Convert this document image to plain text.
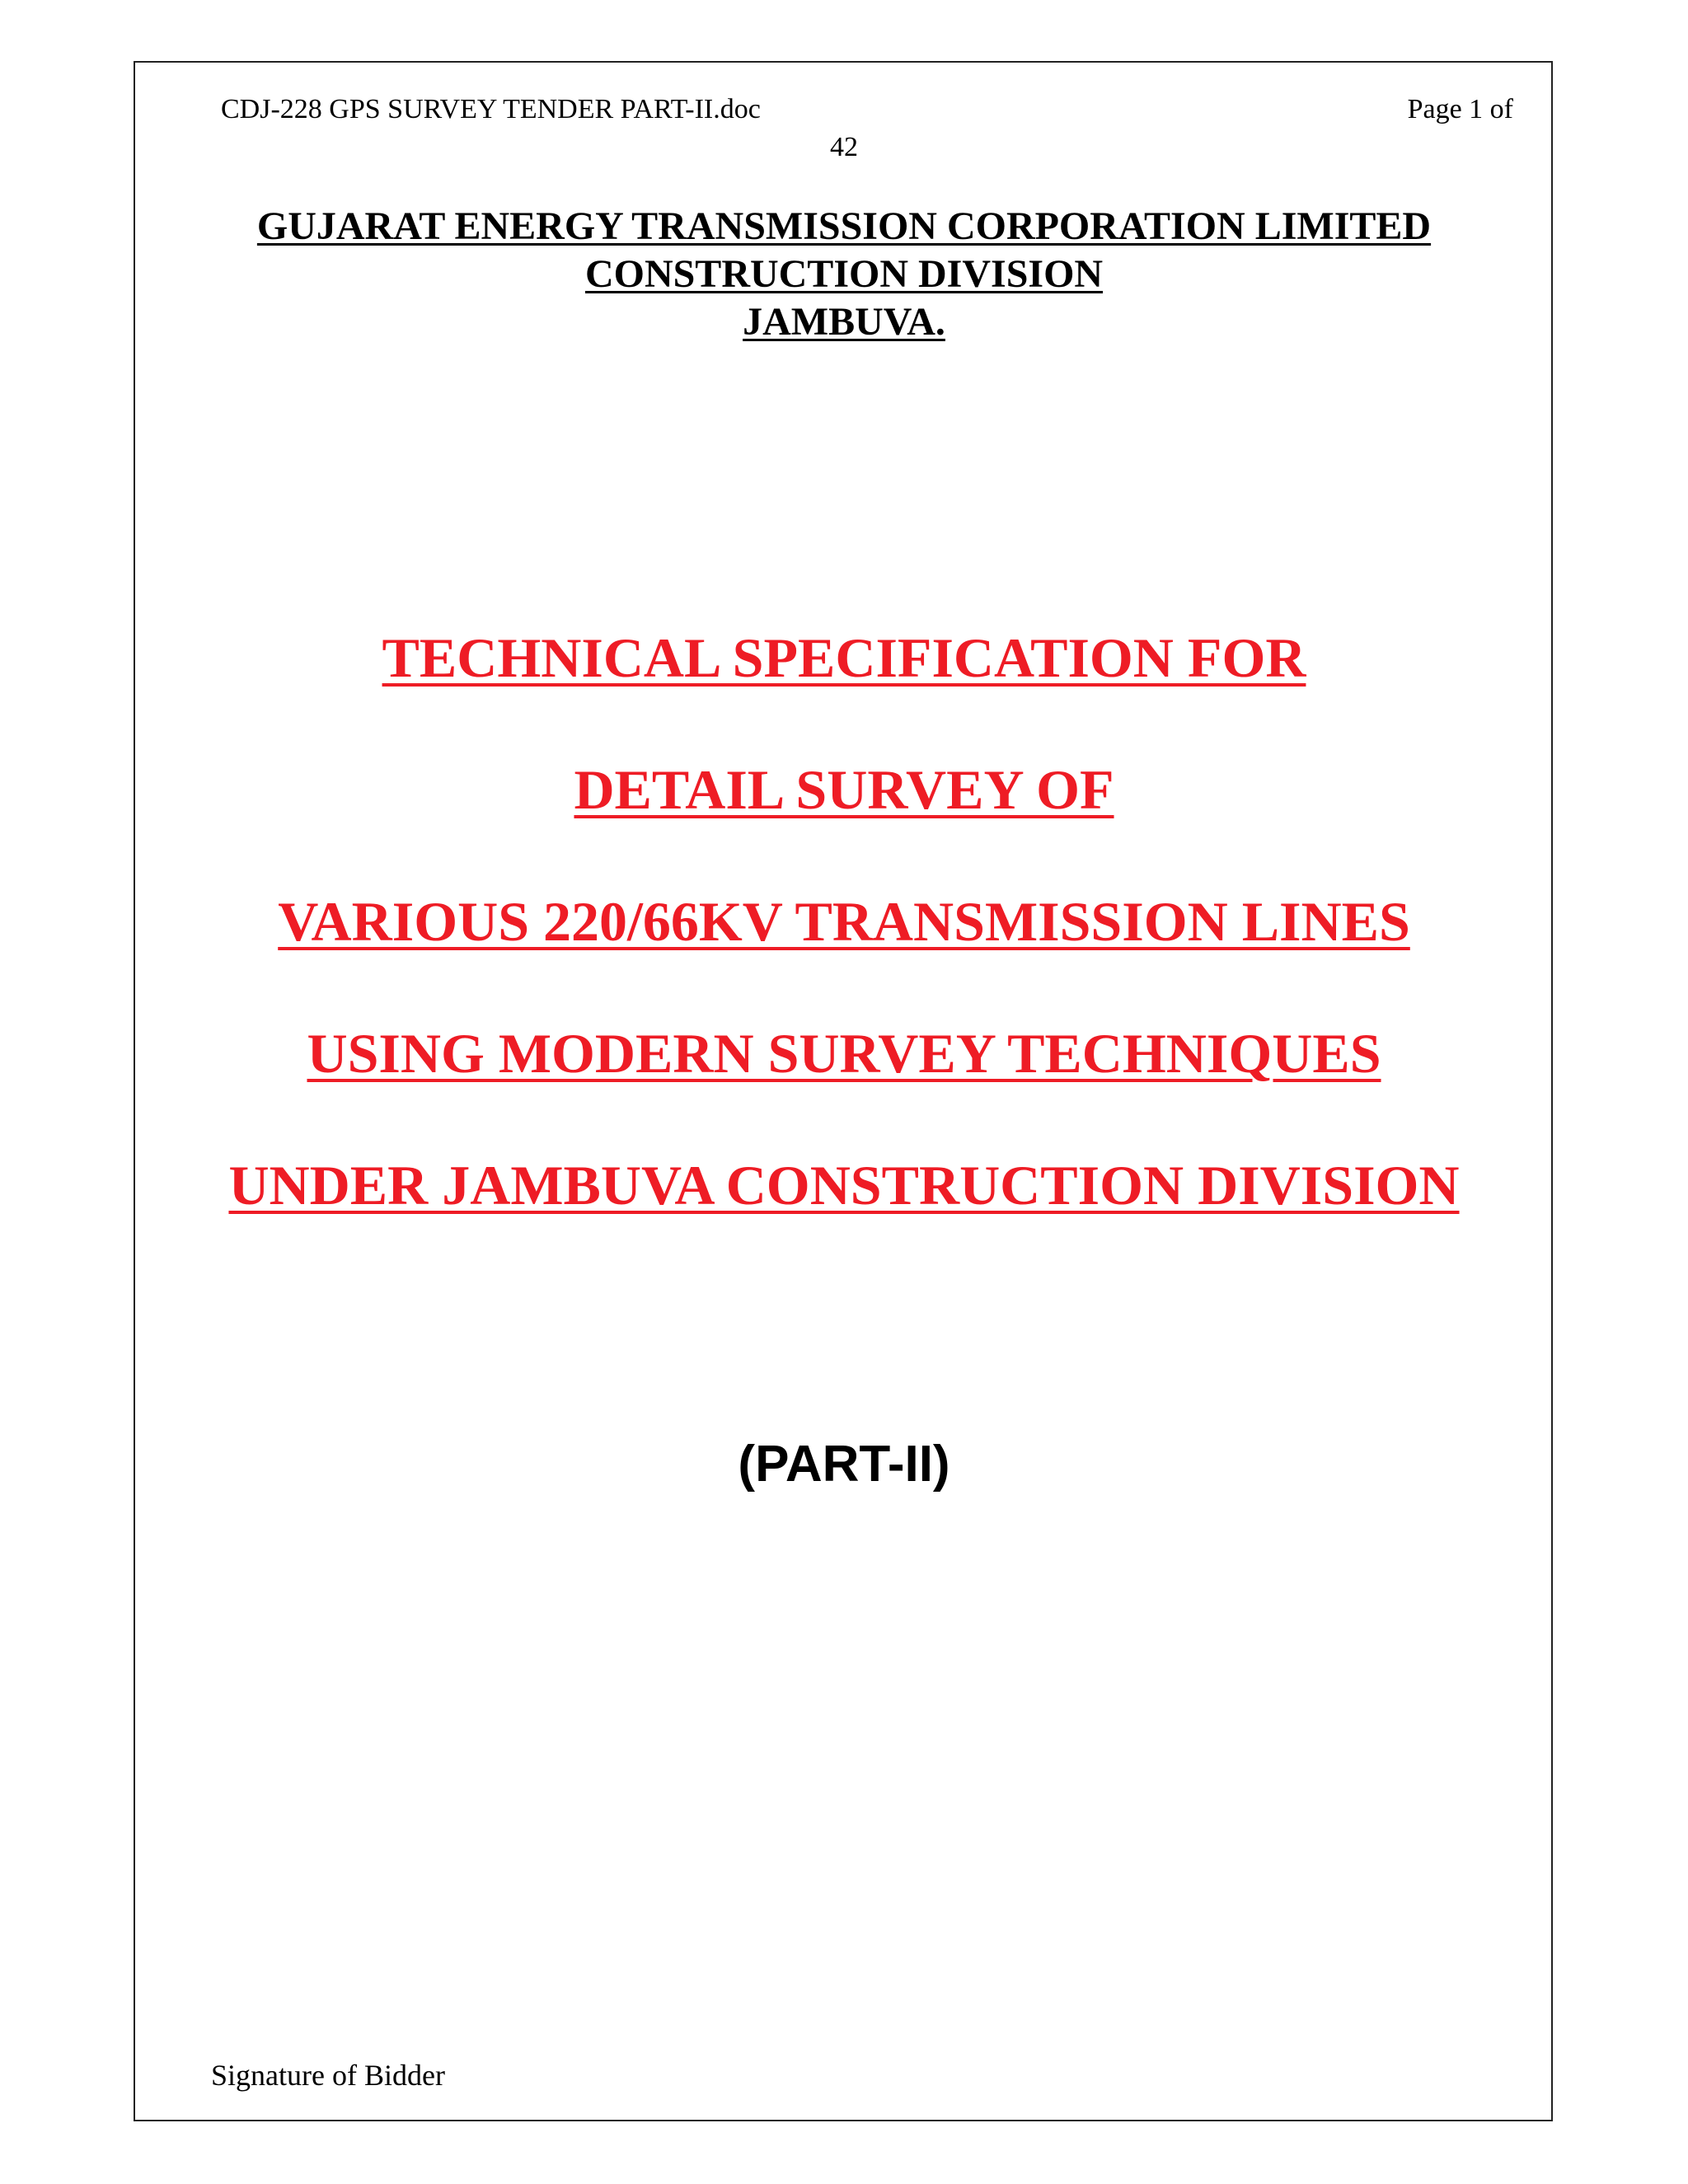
CDJ-228 GPS SURVEY TENDER PART-II.doc	Page 1 of
42
GUJARAT ENERGY TRANSMISSION CORPORATION LIMITED
CONSTRUCTION DIVISION
JAMBUVA.
TECHNICAL SPECIFICATION FOR
DETAIL SURVEY OF
VARIOUS 220/66KV TRANSMISSION LINES
USING MODERN SURVEY TECHNIQUES
UNDER JAMBUVA CONSTRUCTION DIVISION
(PART-II)
Signature of Bidder
